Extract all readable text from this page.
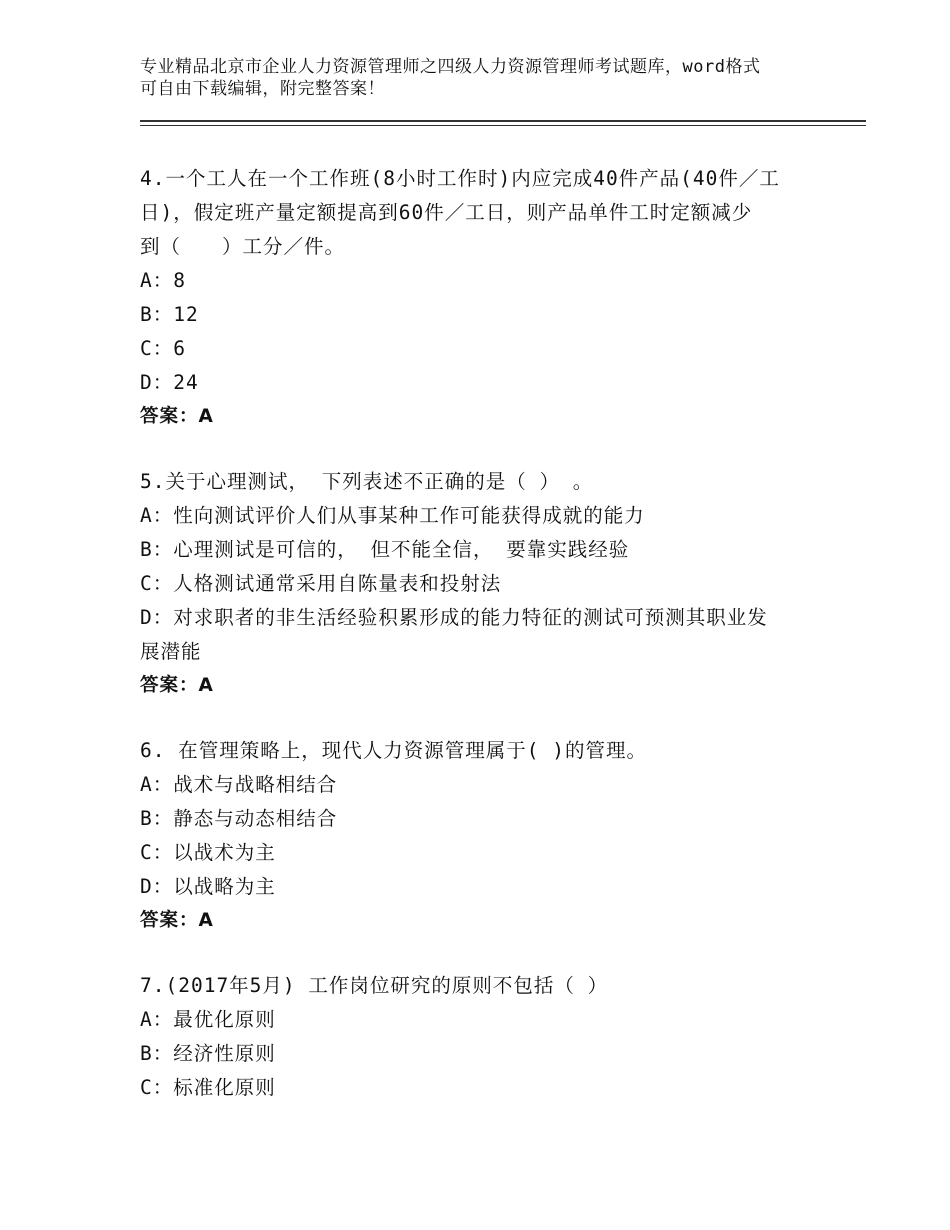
专业精品北京市企业人力资源管理师之四级人力资源管理师考试题库，word格式
可自由下载编辑，附完整答案！
4.一个工人在一个工作班(8小时工作时)内应完成40件产品(40件／工
日)，假定班产量定额提高到60件／工日，则产品单件工时定额减少
到（　　）工分／件。
A：8
B：12
C：6
D：24
答案：A
5.关于心理测试， 下列表述不正确的是（ ） 。
A：性向测试评价人们从事某种工作可能获得成就的能力
B：心理测试是可信的， 但不能全信， 要靠实践经验
C：人格测试通常采用自陈量表和投射法
D：对求职者的非生活经验积累形成的能力特征的测试可预测其职业发
展潜能
答案：A
6. 在管理策略上，现代人力资源管理属于( )的管理。
A：战术与战略相结合
B：静态与动态相结合
C：以战术为主
D：以战略为主
答案：A
7.(2017年5月) 工作岗位研究的原则不包括（ ）
A：最优化原则
B：经济性原则
C：标准化原则
